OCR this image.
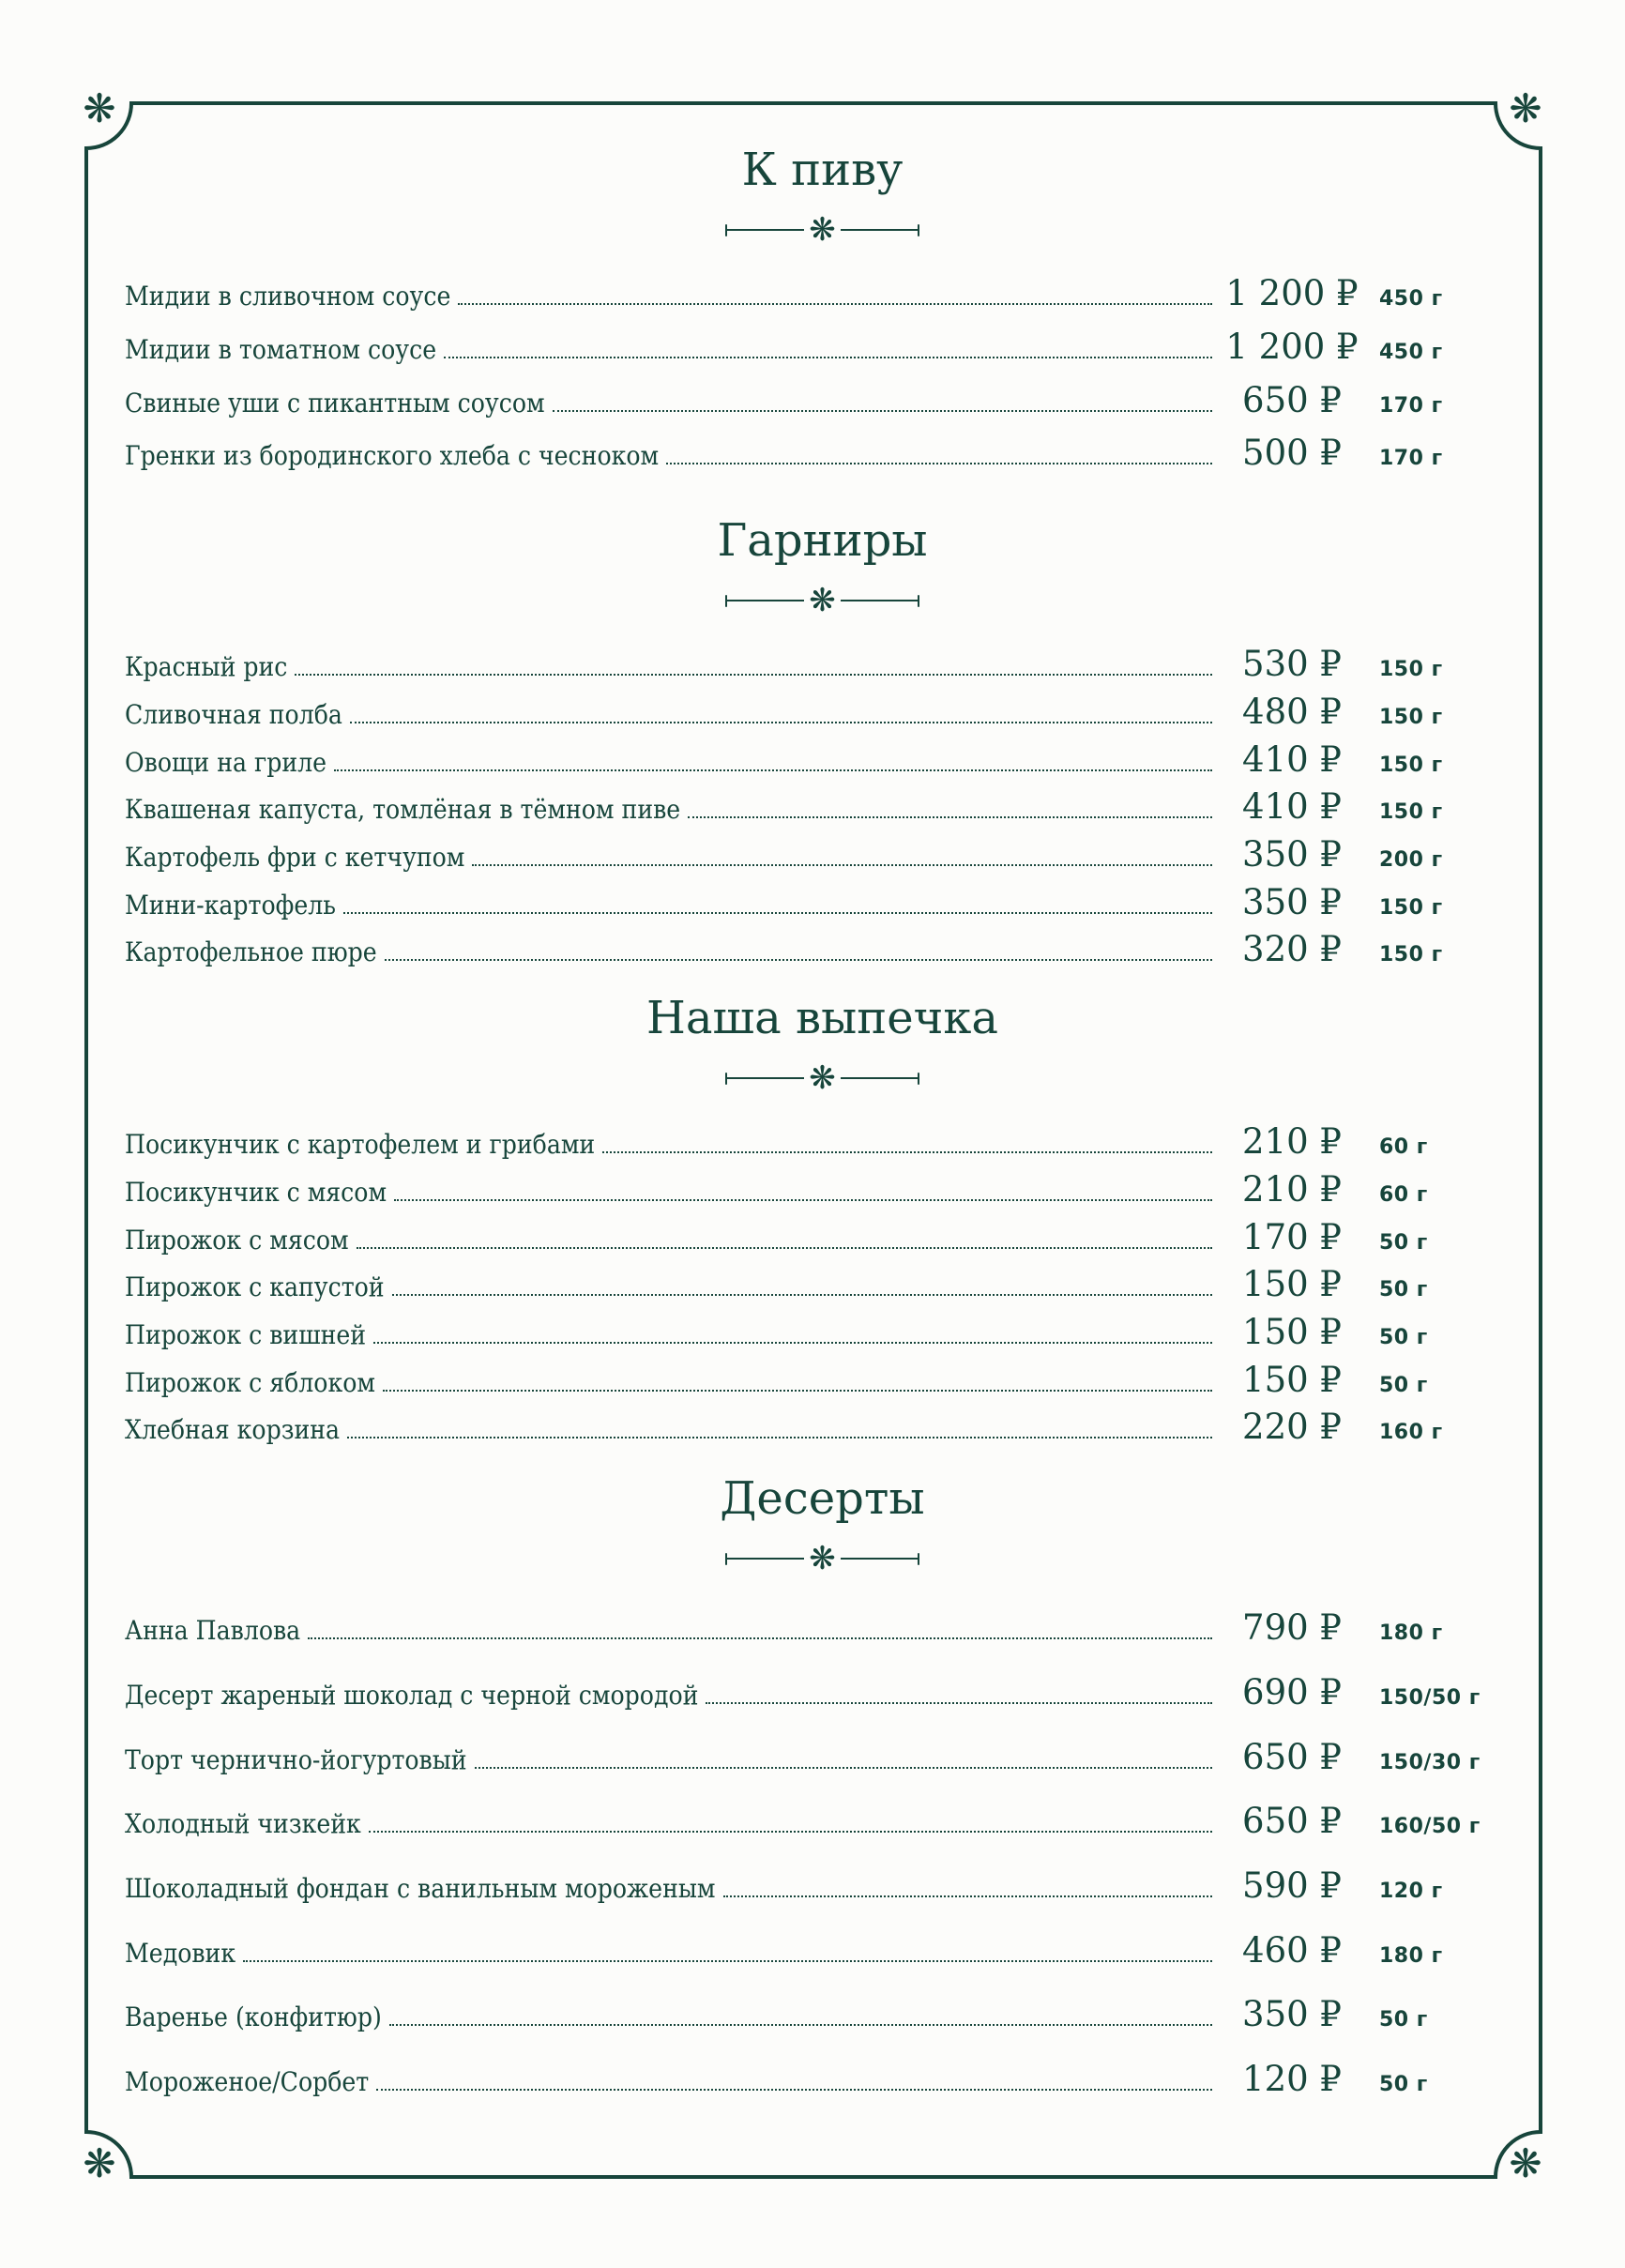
❋	❋
❋	❋
К пиву
❋
Мидии в сливочном соусе	1 200 ₽	450 г
Мидии в томатном соусе	1 200 ₽	450 г
Свиные уши с пикантным соусом	650 ₽	170 г
Гренки из бородинского хлеба с чесноком	500 ₽	170 г
Гарниры
❋
Красный рис	530 ₽	150 г
Сливочная полба	480 ₽	150 г
Овощи на гриле	410 ₽	150 г
Квашеная капуста, томлёная в тёмном пиве	410 ₽	150 г
Картофель фри с кетчупом	350 ₽	200 г
Мини-картофель	350 ₽	150 г
Картофельное пюре	320 ₽	150 г
Наша выпечка
❋
Посикунчик с картофелем и грибами	210 ₽	60 г
Посикунчик с мясом	210 ₽	60 г
Пирожок с мясом	170 ₽	50 г
Пирожок с капустой	150 ₽	50 г
Пирожок с вишней	150 ₽	50 г
Пирожок с яблоком	150 ₽	50 г
Хлебная корзина	220 ₽	160 г
Десерты
❋
Анна Павлова	790 ₽	180 г
Десерт жареный шоколад с черной смородой	690 ₽	150/50 г
Торт чернично-йогуртовый	650 ₽	150/30 г
Холодный чизкейк	650 ₽	160/50 г
Шоколадный фондан с ванильным мороженым	590 ₽	120 г
Медовик	460 ₽	180 г
Варенье (конфитюр)	350 ₽	50 г
Мороженое/Сорбет	120 ₽	50 г
